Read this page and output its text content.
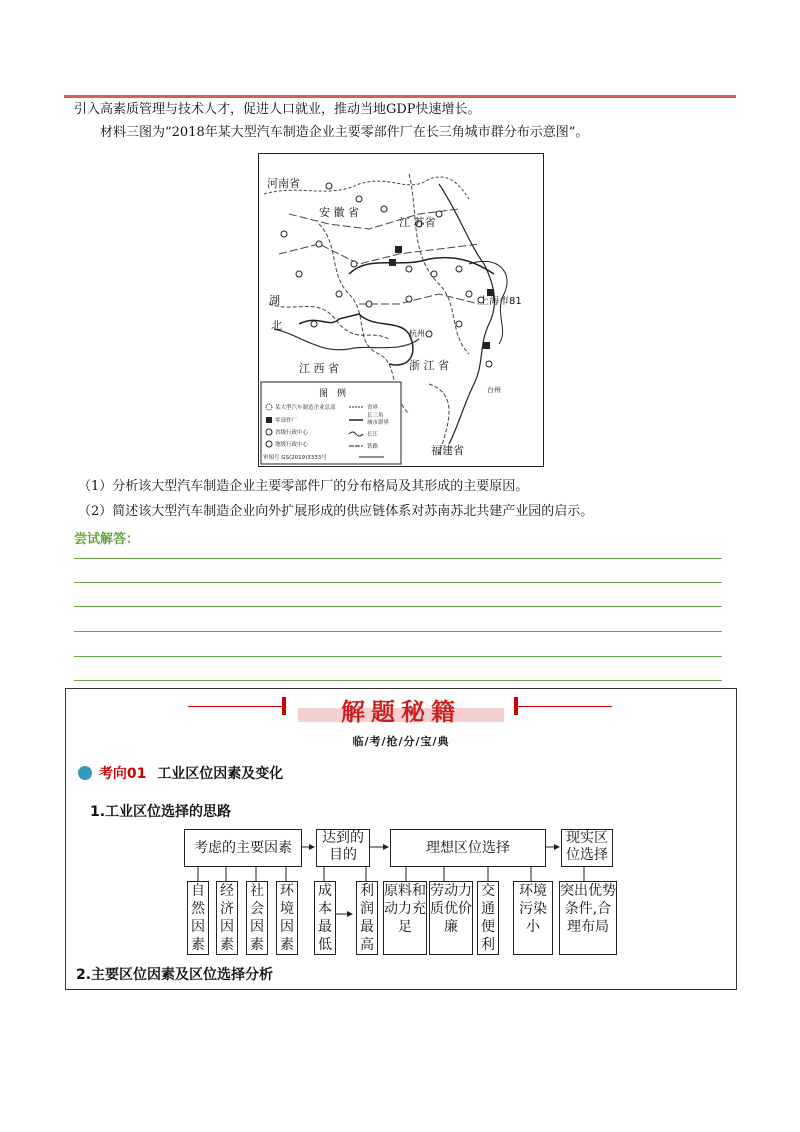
引入高素质管理与技术人才，促进人口就业，推动当地GDP快速增长。
材料三图为“2018年某大型汽车制造企业主要零部件厂在长三角城市群分布示意图”。
河南省
安 徽 省
江 苏省
湖
北
江 西 省	浙 江 省
福建省
上海市81
杭州
台州
图　例
某大型汽车制造企业总部
零部件厂
省级行政中心
地级行政中心
审图号 GS(2019)3333号
省界
长三角
城市群界
长江
铁路
（1）分析该大型汽车制造企业主要零部件厂的分布格局及其形成的主要原因。
（2）简述该大型汽车制造企业向外扩展形成的供应链体系对苏南苏北共建产业园的启示。
尝试解答：
解题秘籍
临/考/抢/分/宝/典
考向01 工业区位因素及变化
1.工业区位选择的思路
考虑的主要因素
达到的目的	理想区位选择
现实区位选择
自然因素
经济因素
社会因素
环境因素
成本最低
利润最高
原料和动力充足
劳动力质优价廉
交通便利
环境污染小
突出优势条件,合理布局
2.主要区位因素及区位选择分析
